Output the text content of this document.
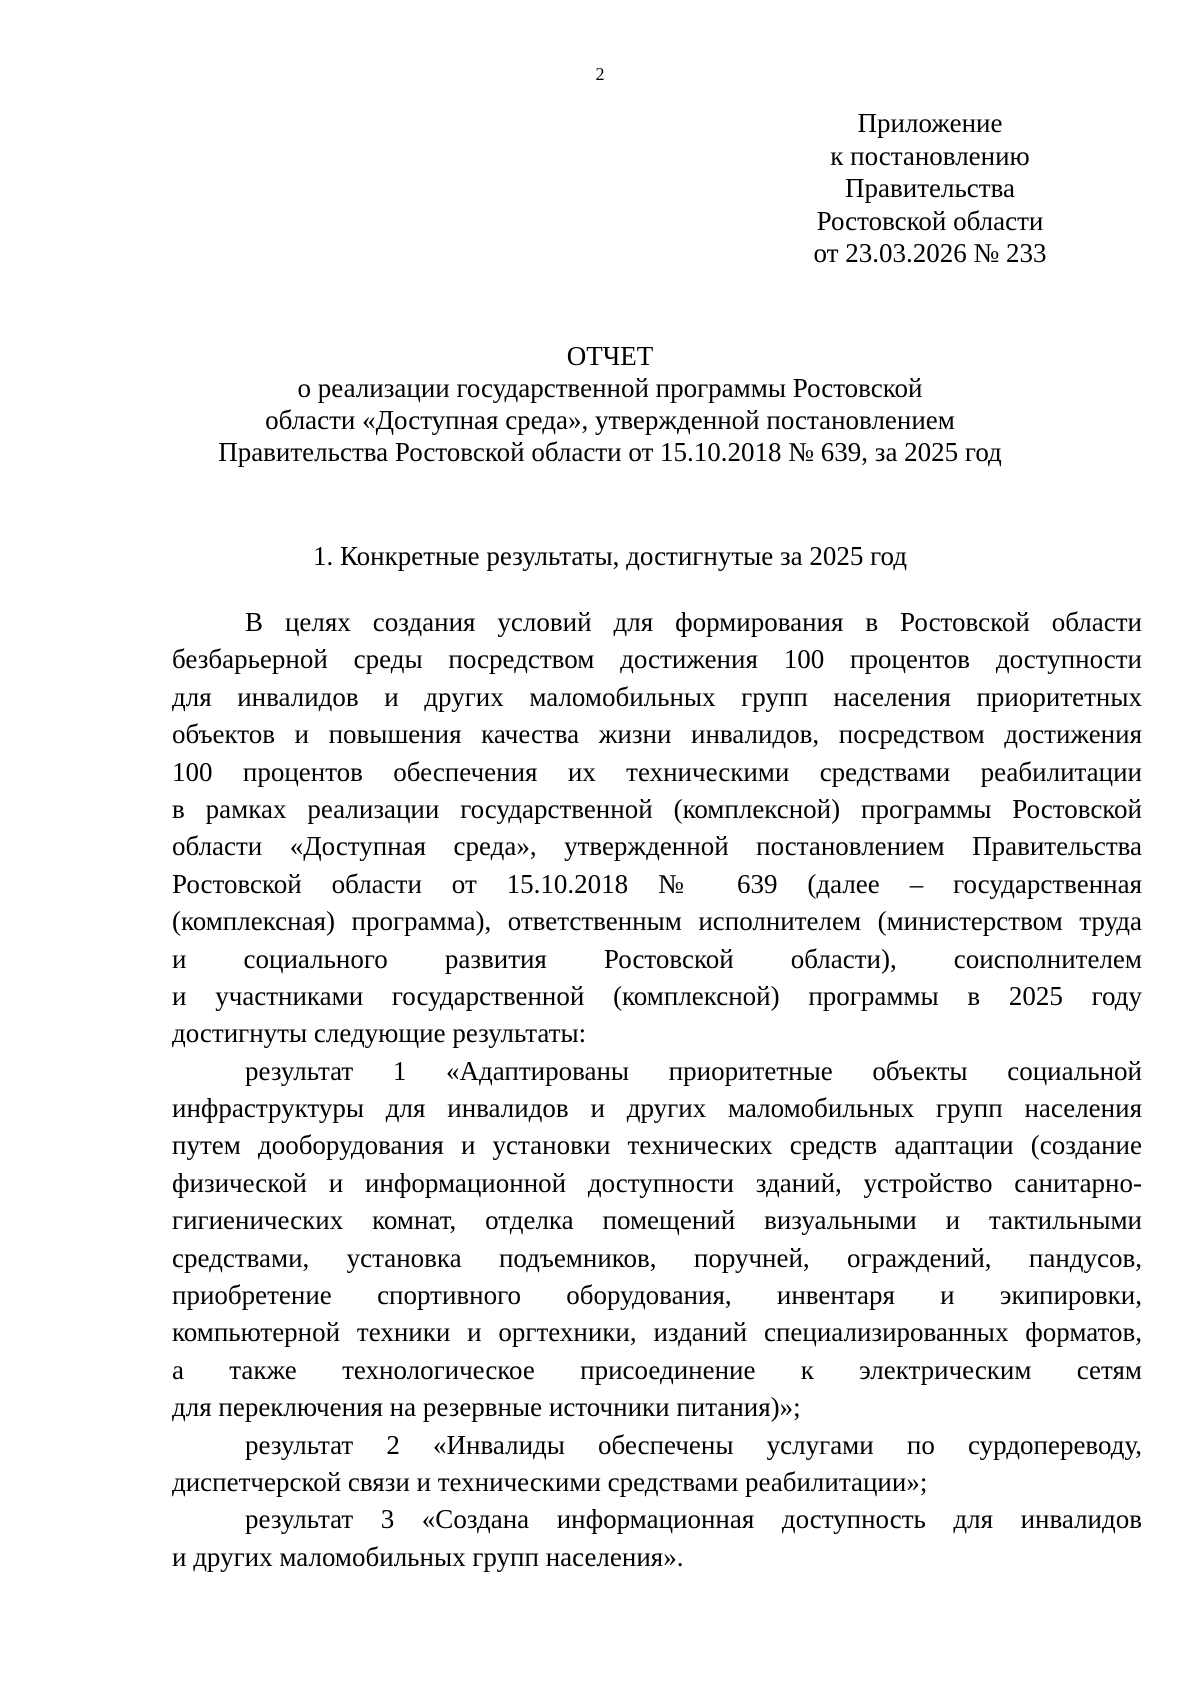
2
Приложение
к постановлению
Правительства
Ростовской области
от 23.03.2026 № 233
ОТЧЕТ
о реализации государственной программы Ростовской
области «Доступная среда», утвержденной постановлением
Правительства Ростовской области от 15.10.2018 № 639, за 2025 год
1. Конкретные результаты, достигнутые за 2025 год
В целях создания условий для формирования в Ростовской области
безбарьерной среды посредством достижения 100 процентов доступности
для инвалидов и других маломобильных групп населения приоритетных
объектов и повышения качества жизни инвалидов, посредством достижения
100 процентов обеспечения их техническими средствами реабилитации
в рамках реализации государственной (комплексной) программы Ростовской
области «Доступная среда», утвержденной постановлением Правительства
Ростовской области от 15.10.2018 № 639 (далее – государственная
(комплексная) программа), ответственным исполнителем (министерством труда
и социального развития Ростовской области), соисполнителем
и участниками государственной (комплексной) программы в 2025 году
достигнуты следующие результаты:
результат 1 «Адаптированы приоритетные объекты социальной
инфраструктуры для инвалидов и других маломобильных групп населения
путем дооборудования и установки технических средств адаптации (создание
физической и информационной доступности зданий, устройство санитарно-
гигиенических комнат, отделка помещений визуальными и тактильными
средствами, установка подъемников, поручней, ограждений, пандусов,
приобретение спортивного оборудования, инвентаря и экипировки,
компьютерной техники и оргтехники, изданий специализированных форматов,
а также технологическое присоединение к электрическим сетям
для переключения на резервные источники питания)»;
результат 2 «Инвалиды обеспечены услугами по сурдопереводу,
диспетчерской связи и техническими средствами реабилитации»;
результат 3 «Создана информационная доступность для инвалидов
и других маломобильных групп населения».
